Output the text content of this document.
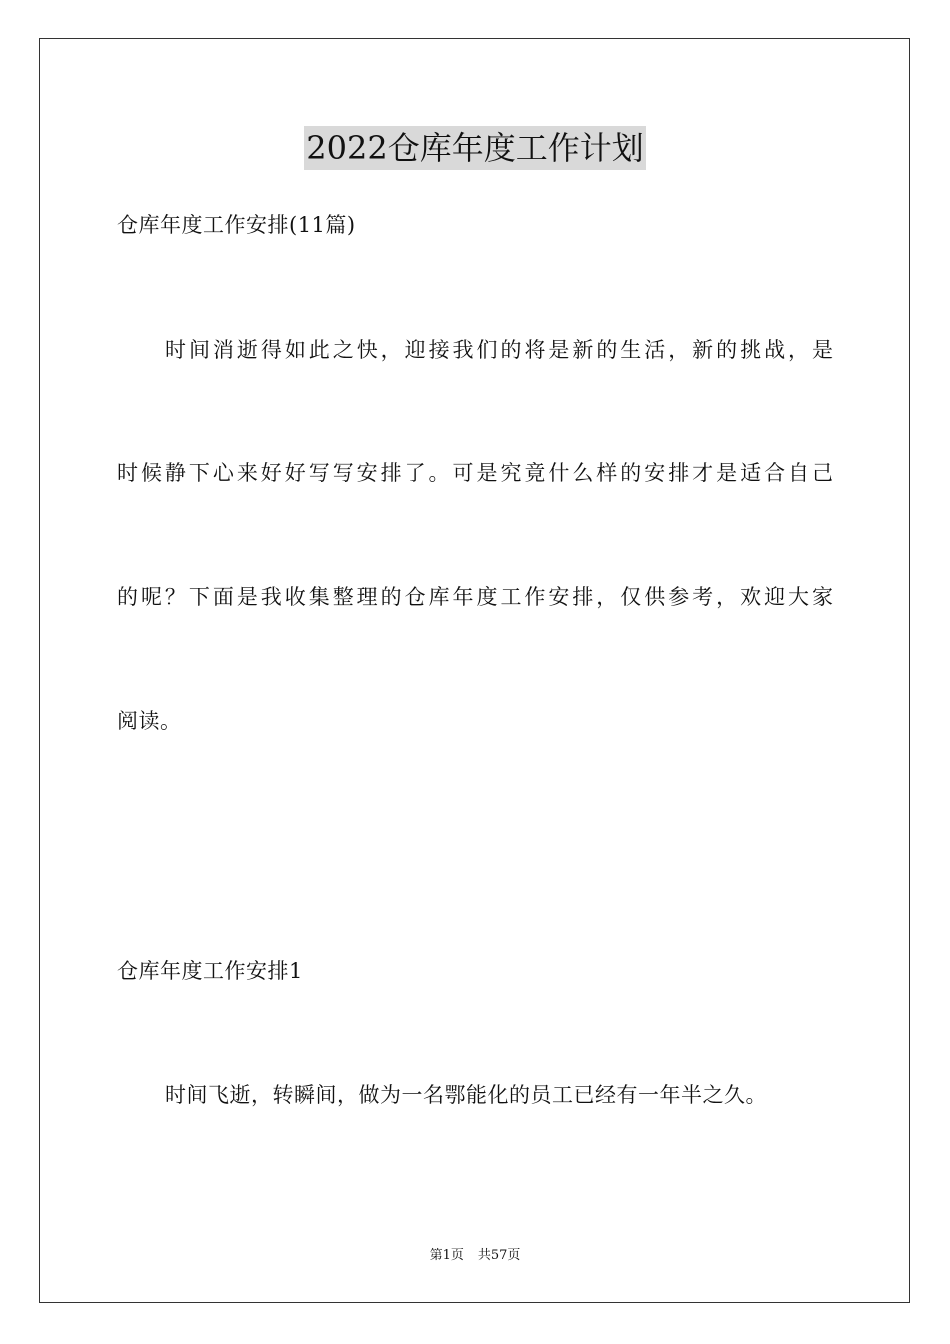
2022仓库年度工作计划
仓库年度工作安排(11篇)
时间消逝得如此之快，迎接我们的将是新的生活，新的挑战，是
时候静下心来好好写写安排了。可是究竟什么样的安排才是适合自己
的呢？下面是我收集整理的仓库年度工作安排，仅供参考，欢迎大家
阅读。
仓库年度工作安排1
时间飞逝，转瞬间，做为一名鄂能化的员工已经有一年半之久。
第1页 共57页
